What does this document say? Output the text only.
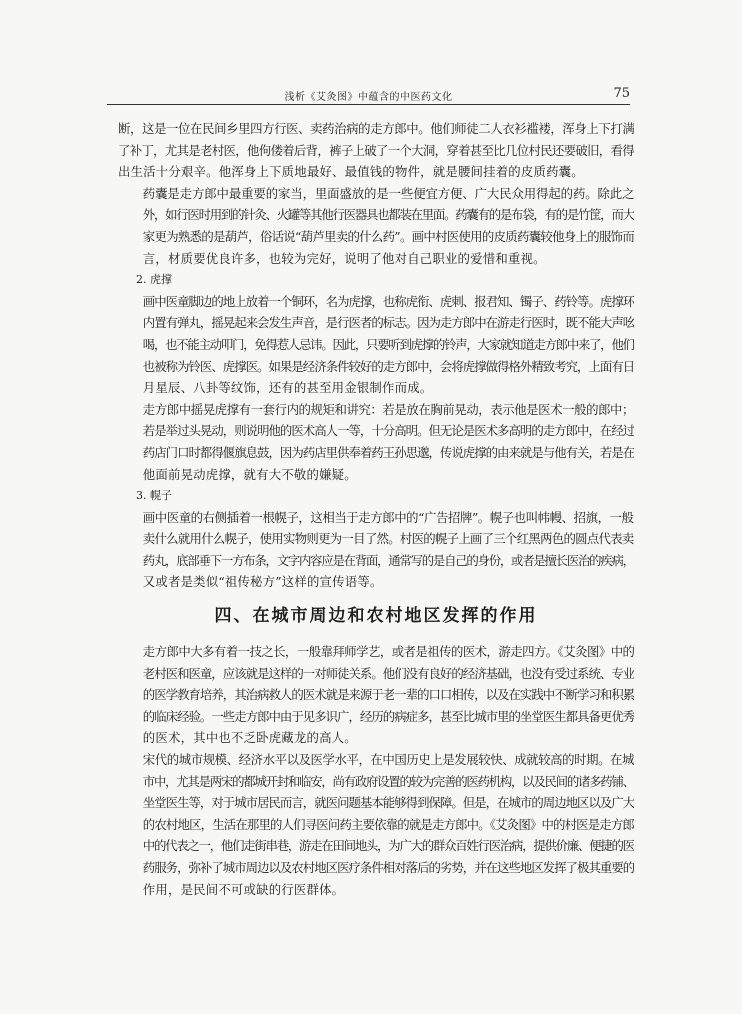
浅析《艾灸图》中蕴含的中医药文化	75

断，这是一位在民间乡里四方行医、卖药治病的走方郎中。他们师徒二人衣衫褴褛，浑身上下打满
了补丁，尤其是老村医，他佝偻着后背，裤子上破了一个大洞，穿着甚至比几位村民还要破旧，看得
出生活十分艰辛。他浑身上下质地最好、最值钱的物件，就是腰间挂着的皮质药囊。

药囊是走方郎中最重要的家当，里面盛放的是一些便宜方便、广大民众用得起的药。除此之
外，如行医时用到的针灸、火罐等其他行医器具也都装在里面。药囊有的是布袋，有的是竹筐，而大
家更为熟悉的是葫芦，俗话说“葫芦里卖的什么药”。画中村医使用的皮质药囊较他身上的服饰而
言，材质要优良许多，也较为完好，说明了他对自己职业的爱惜和重视。

2. 虎撑

画中医童脚边的地上放着一个铜环，名为虎撑，也称虎衔、虎刺、报君知、镯子、药铃等。虎撑环
内置有弹丸，摇晃起来会发生声音，是行医者的标志。因为走方郎中在游走行医时，既不能大声吆
喝，也不能主动叩门，免得惹人忌讳。因此，只要听到虎撑的铃声，大家就知道走方郎中来了，他们
也被称为铃医、虎撑医。如果是经济条件较好的走方郎中，会将虎撑做得格外精致考究，上面有日
月星辰、八卦等纹饰，还有的甚至用金银制作而成。

走方郎中摇晃虎撑有一套行内的规矩和讲究：若是放在胸前晃动，表示他是医术一般的郎中；
若是举过头晃动，则说明他的医术高人一等，十分高明。但无论是医术多高明的走方郎中，在经过
药店门口时都得偃旗息鼓，因为药店里供奉着药王孙思邈，传说虎撑的由来就是与他有关，若是在
他面前晃动虎撑，就有大不敬的嫌疑。

3. 幌子

画中医童的右侧插着一根幌子，这相当于走方郎中的“广告招牌”。幌子也叫帏幔、招旗，一般
卖什么就用什么幌子，使用实物则更为一目了然。村医的幌子上画了三个红黑两色的圆点代表卖
药丸，底部垂下一方布条，文字内容应是在背面，通常写的是自己的身份，或者是擅长医治的疾病，
又或者是类似“祖传秘方”这样的宣传语等。

四、在城市周边和农村地区发挥的作用

走方郎中大多有着一技之长，一般靠拜师学艺，或者是祖传的医术，游走四方。《艾灸图》中的
老村医和医童，应该就是这样的一对师徒关系。他们没有良好的经济基础，也没有受过系统、专业
的医学教育培养，其治病救人的医术就是来源于老一辈的口口相传，以及在实践中不断学习和积累
的临床经验。一些走方郎中由于见多识广，经历的病症多，甚至比城市里的坐堂医生都具备更优秀
的医术，其中也不乏卧虎藏龙的高人。

宋代的城市规模、经济水平以及医学水平，在中国历史上是发展较快、成就较高的时期。在城
市中，尤其是两宋的都城开封和临安，尚有政府设置的较为完善的医药机构，以及民间的诸多药铺、
坐堂医生等，对于城市居民而言，就医问题基本能够得到保障。但是，在城市的周边地区以及广大
的农村地区，生活在那里的人们寻医问药主要依靠的就是走方郎中。《艾灸图》中的村医是走方郎
中的代表之一，他们走街串巷，游走在田间地头，为广大的群众百姓行医治病，提供价廉、便捷的医
药服务，弥补了城市周边以及农村地区医疗条件相对落后的劣势，并在这些地区发挥了极其重要的
作用，是民间不可或缺的行医群体。
